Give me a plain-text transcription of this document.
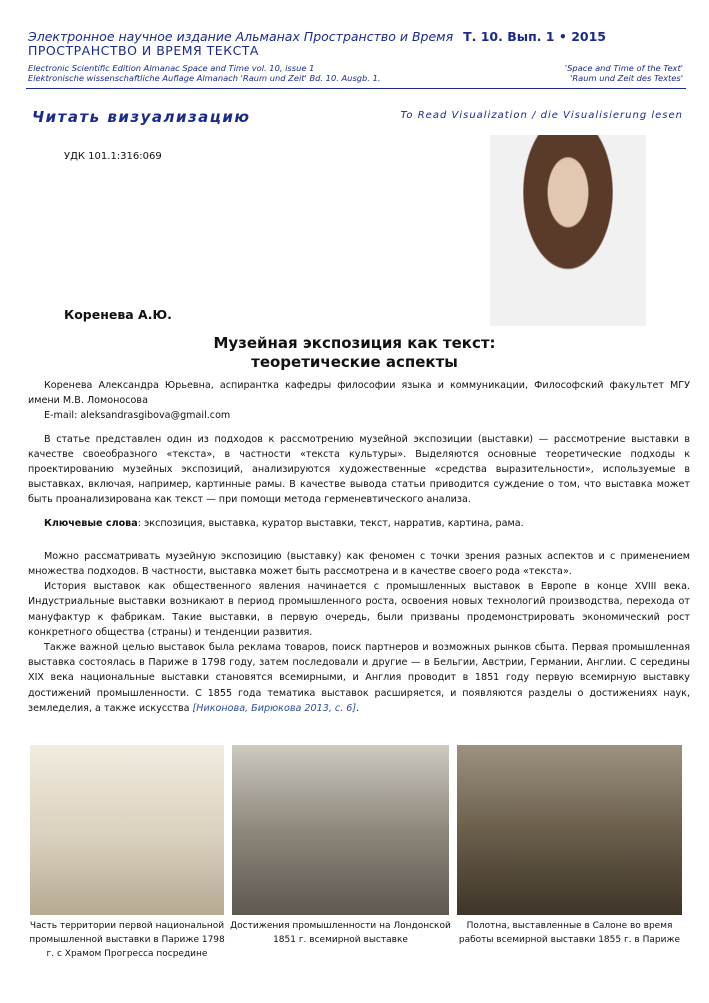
Электронное научное издание Альманах Пространство и Время Т. 10. Вып. 1 • 2015
ПРОСТРАНСТВО И ВРЕМЯ ТЕКСТА
Electronic Scientific Edition Almanac Space and Time vol. 10, issue 1
Elektronische wissenschaftliche Auflage Almanach 'Raum und Zeit' Bd. 10. Ausgb. 1.
'Space and Time of the Text'
'Raum und Zeit des Textes'
Читать визуализацию	To Read Visualization / die Visualisierung lesen
УДК 101.1:316:069
Коренева А.Ю.
Музейная экспозиция как текст:
теоретические аспекты

Коренева Александра Юрьевна, аспирантка кафедры философии языка и коммуникации, Философский факультет МГУ имени М.В. Ломоносова

E-mail: aleksandrasgibova@gmail.com

В статье представлен один из подходов к рассмотрению музейной экспозиции (выставки) — рассмотрение выставки в качестве своеобразного «текста», в частности «текста культуры». Выделяются основные теоретические подходы к проектированию музейных экспозиций, анализируются художественные «средства выразительности», используемые в выставках, включая, например, картинные рамы. В качестве вывода статьи приводится суждение о том, что выставка может быть проанализирована как текст — при помощи метода герменевтического анализа.

Ключевые слова: экспозиция, выставка, куратор выставки, текст, нарратив, картина, рама.

Можно рассматривать музейную экспозицию (выставку) как феномен с точки зрения разных аспектов и с применением множества подходов. В частности, выставка может быть рассмотрена и в качестве своего рода «текста».

История выставок как общественного явления начинается с промышленных выставок в Европе в конце XVIII века. Индустриальные выставки возникают в период промышленного роста, освоения новых технологий производства, перехода от мануфактур к фабрикам. Такие выставки, в первую очередь, были призваны продемонстрировать экономический рост конкретного общества (страны) и тенденции развития.

Также важной целью выставок была реклама товаров, поиск партнеров и возможных рынков сбыта. Первая промышленная выставка состоялась в Париже в 1798 году, затем последовали и другие — в Бельгии, Австрии, Германии, Англии. С середины XIX века национальные выставки становятся всемирными, и Англия проводит в 1851 году первую всемирную выставку достижений промышленности. С 1855 года тематика выставок расширяется, и появляются разделы о достижениях наук, земледелия, а также искусства [Никонова, Бирюкова 2013, с. 6].

Часть территории первой национальной промышленной выставки в Париже 1798 г. с Храмом Прогресса посредине
Достижения промышленности на Лондонской 1851 г. всемирной выставке
Полотна, выставленные в Салоне во время работы всемирной выставки 1855 г. в Париже
